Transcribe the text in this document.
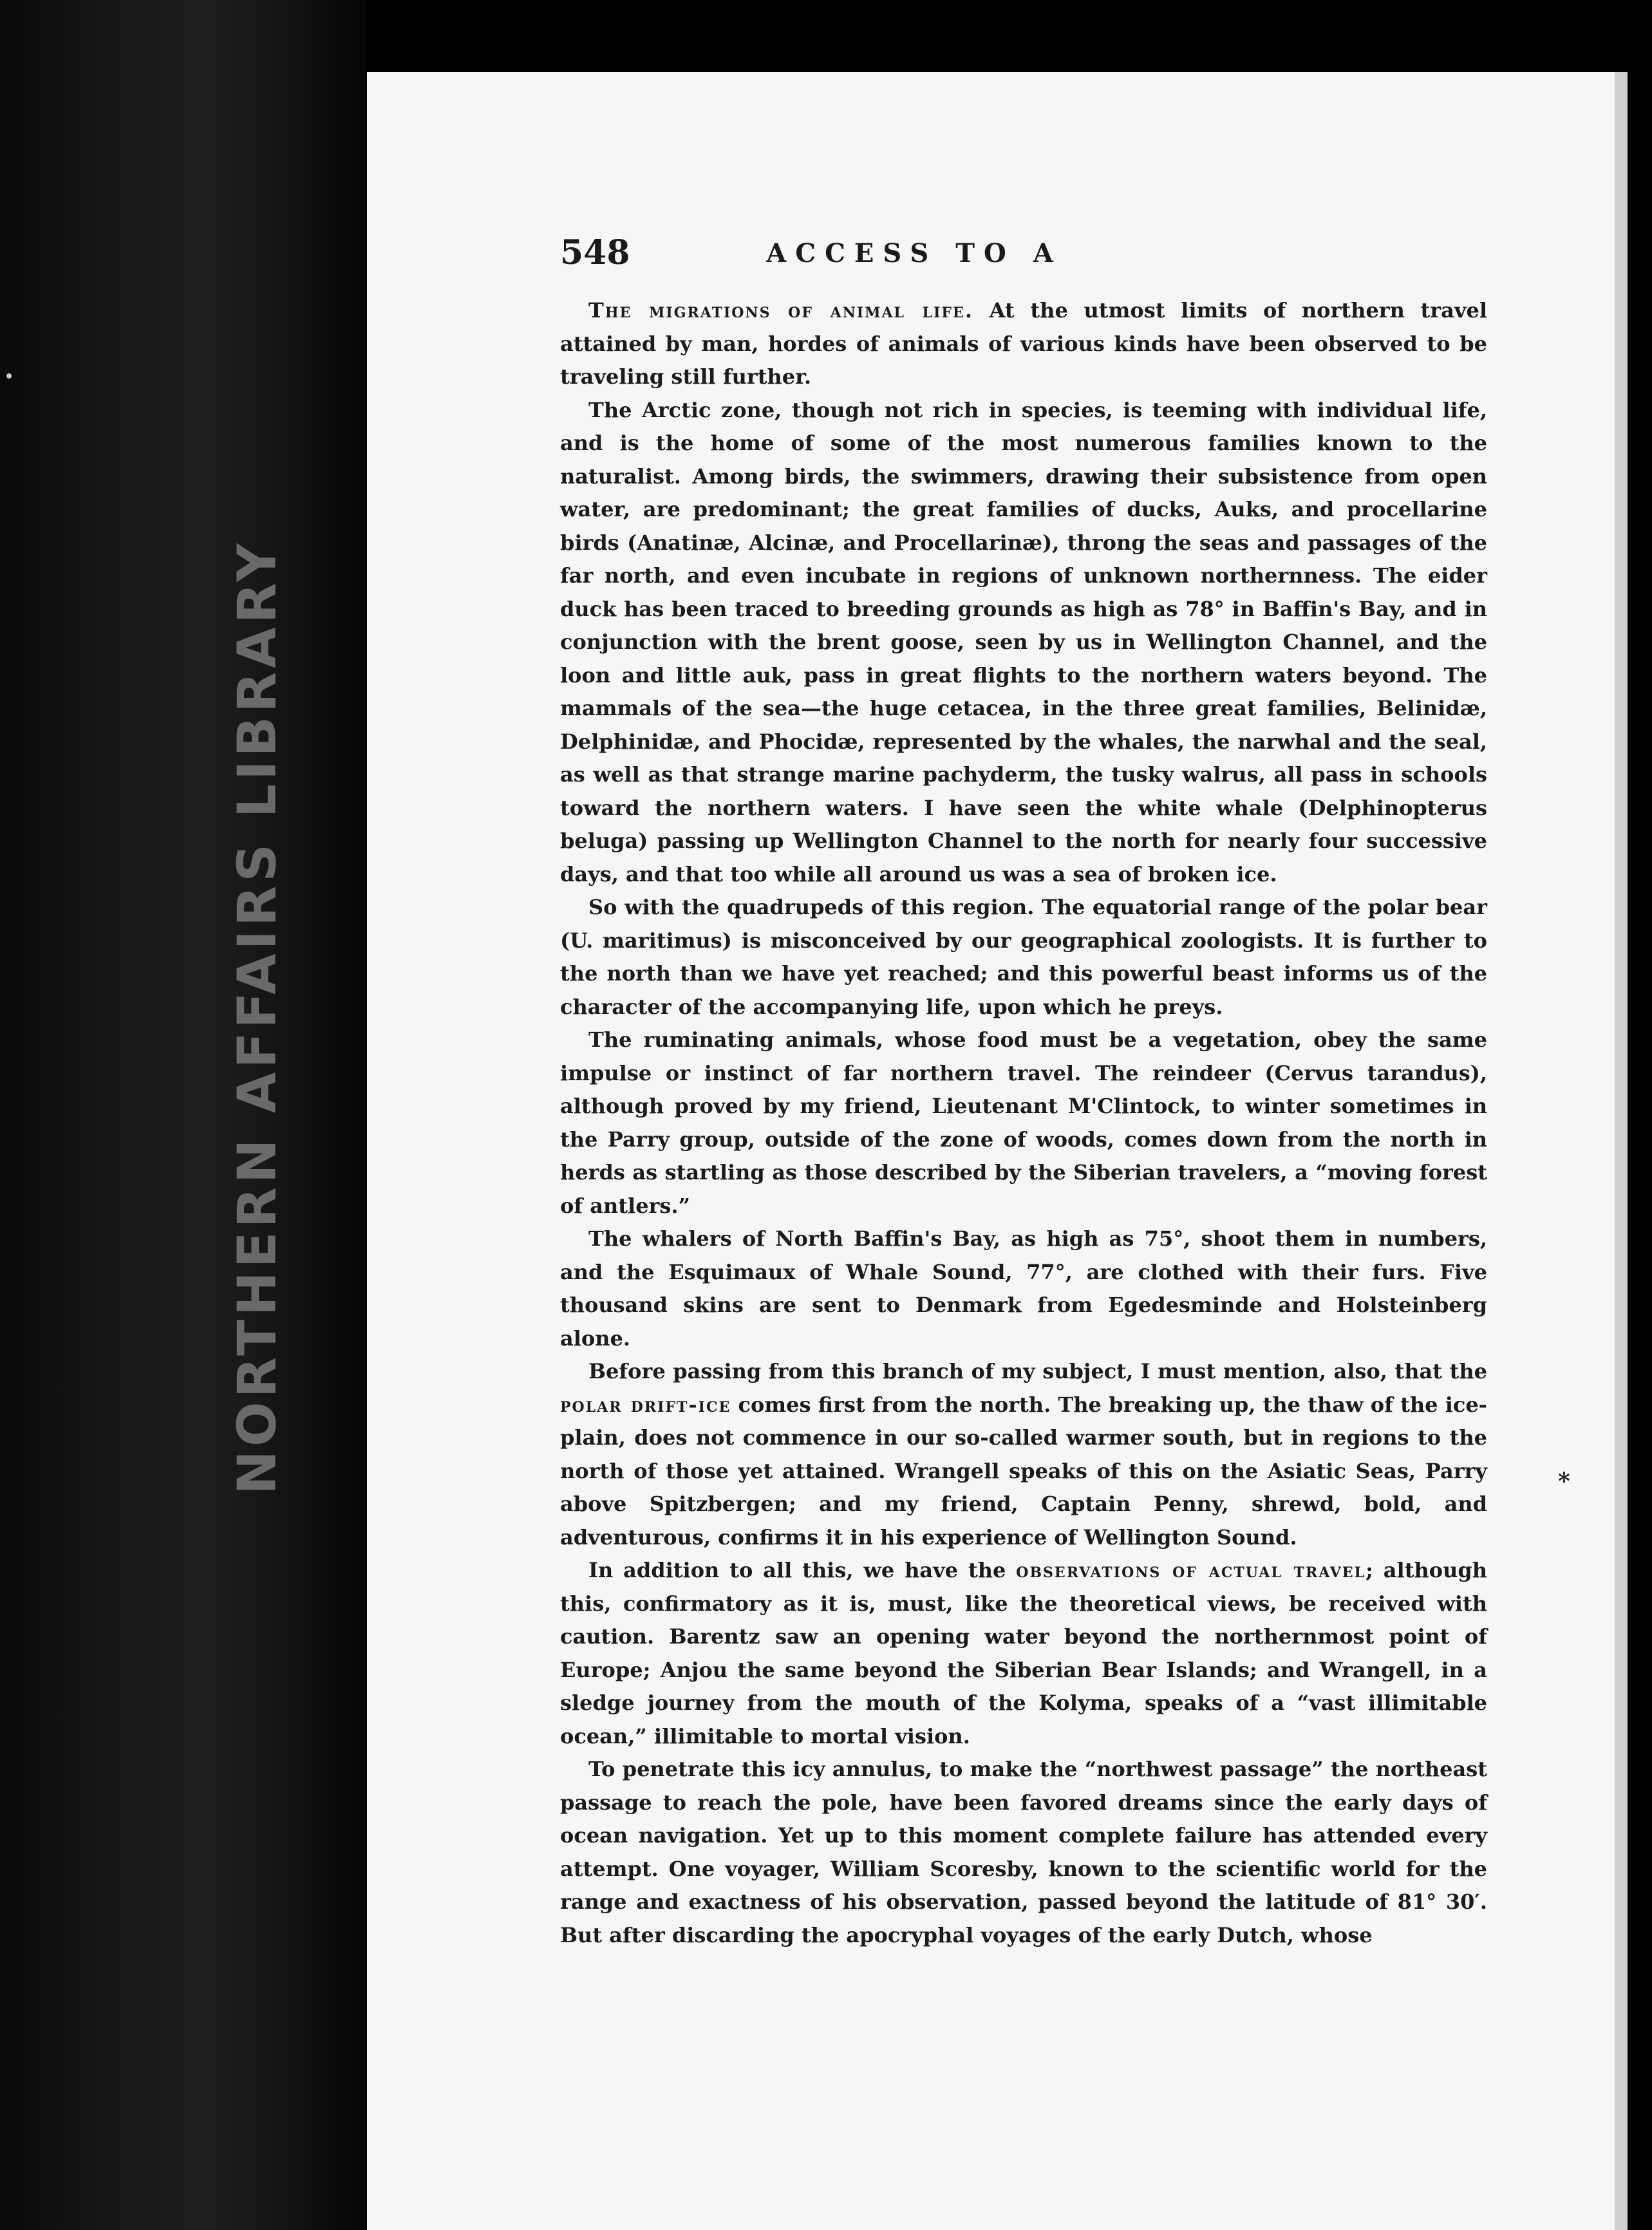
NORTHERN AFFAIRS LIBRARY
548	ACCESS TO A

The migrations of animal life. At the utmost limits of northern travel attained by man, hordes of animals of various kinds have been observed to be traveling still further.

The Arctic zone, though not rich in species, is teeming with individual life, and is the home of some of the most numerous families known to the naturalist. Among birds, the swimmers, drawing their subsistence from open water, are predominant; the great families of ducks, Auks, and procellarine birds (Anatinæ, Alcinæ, and Procellarinæ), throng the seas and passages of the far north, and even incubate in regions of unknown northernness. The eider duck has been traced to breeding grounds as high as 78° in Baffin's Bay, and in conjunction with the brent goose, seen by us in Wellington Channel, and the loon and little auk, pass in great flights to the northern waters beyond. The mammals of the sea—the huge cetacea, in the three great families, Belinidæ, Delphinidæ, and Phocidæ, represented by the whales, the narwhal and the seal, as well as that strange marine pachyderm, the tusky walrus, all pass in schools toward the northern waters. I have seen the white whale (Delphinopterus beluga) passing up Wellington Channel to the north for nearly four successive days, and that too while all around us was a sea of broken ice.

So with the quadrupeds of this region. The equatorial range of the polar bear (U. maritimus) is misconceived by our geographical zoologists. It is further to the north than we have yet reached; and this powerful beast informs us of the character of the accompanying life, upon which he preys.

The ruminating animals, whose food must be a vegetation, obey the same impulse or instinct of far northern travel. The reindeer (Cervus tarandus), although proved by my friend, Lieutenant M'Clintock, to winter sometimes in the Parry group, outside of the zone of woods, comes down from the north in herds as startling as those described by the Siberian travelers, a “moving forest of antlers.”

The whalers of North Baffin's Bay, as high as 75°, shoot them in numbers, and the Esquimaux of Whale Sound, 77°, are clothed with their furs. Five thousand skins are sent to Denmark from Egedesminde and Holsteinberg alone.

Before passing from this branch of my subject, I must mention, also, that the polar drift-ice comes first from the north. The breaking up, the thaw of the ice-plain, does not commence in our so-called warmer south, but in regions to the north of those yet attained. Wrangell speaks of this on the Asiatic Seas, Parry above Spitzbergen; and my friend, Captain Penny, shrewd, bold, and adventurous, confirms it in his experience of Wellington Sound.

In addition to all this, we have the observations of actual travel; although this, confirmatory as it is, must, like the theoretical views, be received with caution. Barentz saw an opening water beyond the northernmost point of Europe; Anjou the same beyond the Siberian Bear Islands; and Wrangell, in a sledge journey from the mouth of the Kolyma, speaks of a “vast illimitable ocean,” illimitable to mortal vision.

To penetrate this icy annulus, to make the “northwest passage” the northeast passage to reach the pole, have been favored dreams since the early days of ocean navigation. Yet up to this moment complete failure has attended every attempt. One voyager, William Scoresby, known to the scientific world for the range and exactness of his observation, passed beyond the latitude of 81° 30′. But after discarding the apocryphal voyages of the early Dutch, whose

*
